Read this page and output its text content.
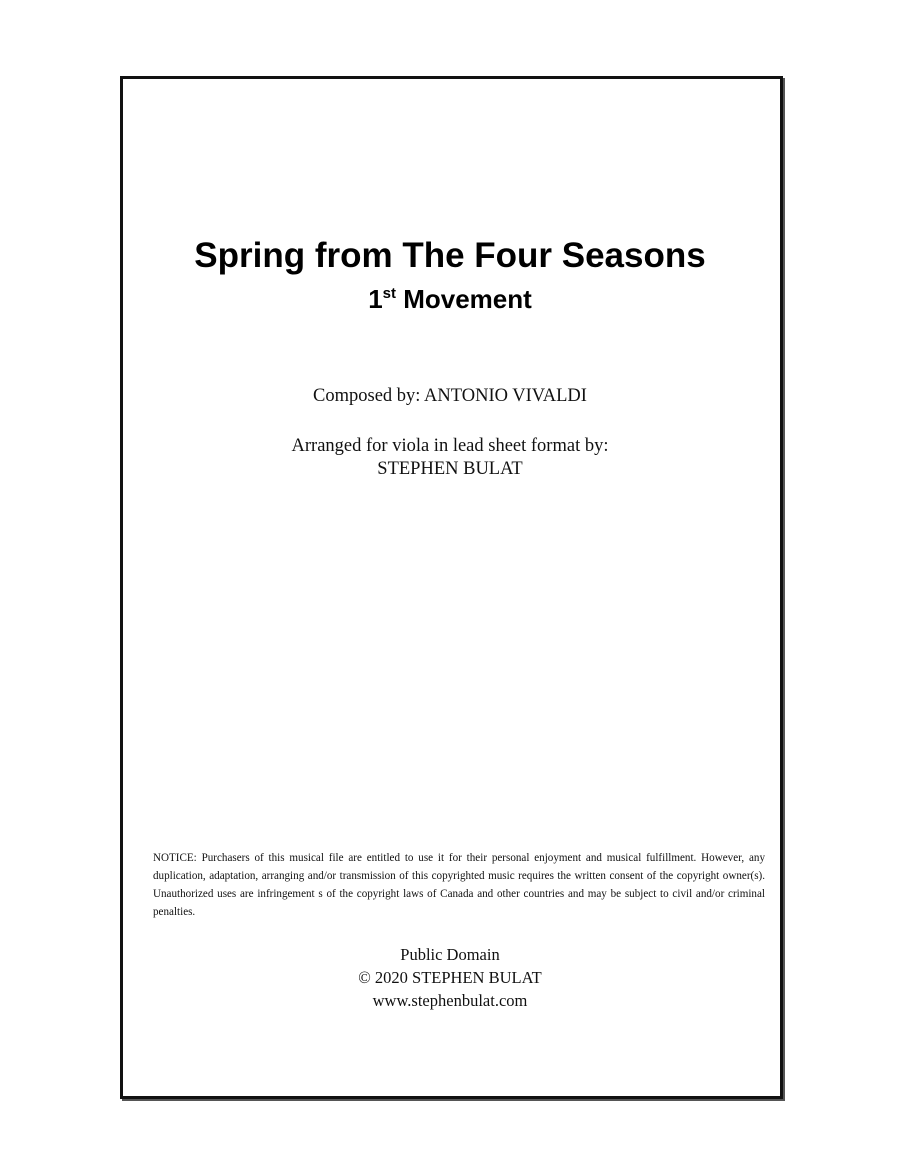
Spring from The Four Seasons
1st Movement
Composed by: ANTONIO VIVALDI
Arranged for viola in lead sheet format by:
STEPHEN BULAT
NOTICE: Purchasers of this musical file are entitled to use it for their personal enjoyment and musical fulfillment. However, any duplication, adaptation, arranging and/or transmission of this copyrighted music requires the written consent of the copyright owner(s). Unauthorized uses are infringement s of the copyright laws of Canada and other countries and may be subject to civil and/or criminal penalties.
Public Domain
© 2020 STEPHEN BULAT
www.stephenbulat.com
